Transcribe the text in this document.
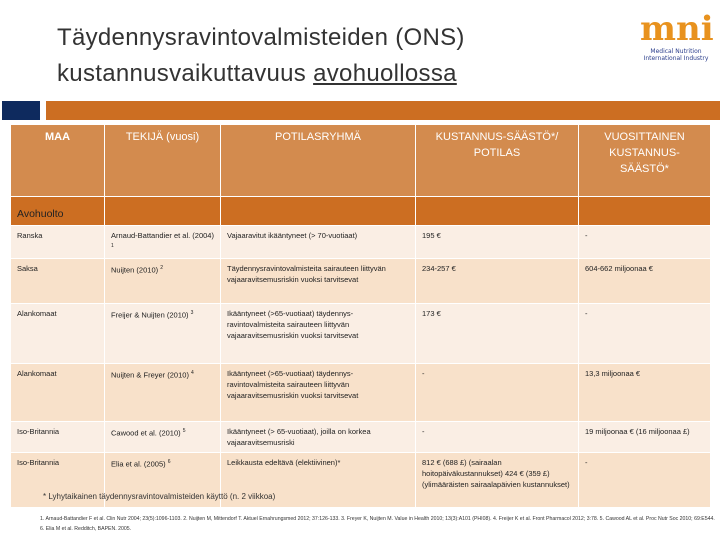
Täydennysravintovalmisteiden (ONS)
kustannusvaikuttavuus avohuollossa
mni
Medical Nutrition
International Industry
MAA	TEKIJÄ (vuosi)	POTILASRYHMÄ	KUSTANNUS-SÄÄSTÖ*/ POTILAS	VUOSITTAINEN KUSTANNUS-SÄÄSTÖ*
Avohuolto				
Ranska	Arnaud-Battandier et al. (2004) $^1$	Vajaaravitut ikääntyneet (> 70-vuotiaat)	195 €	-
Saksa	Nuijten (2010) $^2$	Täydennysravintovalmisteita sairauteen liittyvän vajaaravitsemusriskin vuoksi tarvitsevat	234-257 €	604-662 miljoonaa €
Alankomaat	Freijer & Nuijten (2010) $^3$	Ikääntyneet (>65-vuotiaat) täydennys-ravintovalmisteita sairauteen liittyvän vajaaravitsemusriskin vuoksi tarvitsevat	173 €	-
Alankomaat	Nuijten & Freyer (2010) $^4$	Ikääntyneet (>65-vuotiaat) täydennys-ravintovalmisteita sairauteen liittyvän vajaaravitsemusriskin vuoksi tarvitsevat	-	13,3 miljoonaa €
Iso-Britannia	Cawood et al. (2010) $^5$	Ikääntyneet (> 65-vuotiaat), joilla on korkea vajaaravitsemusriski	-	19 miljoonaa € (16 miljoonaa £)
Iso-Britannia	Elia et al. (2005) $^6$	Leikkausta edeltävä (elektiivinen)*	812 € (688 £) (sairaalan hoitopäiväkustannukset) 424 € (359 £) (ylimääräisten sairaalapäivien kustannukset)	-
* Lyhytaikainen täydennysravintovalmisteiden käyttö (n. 2 viikkoa)
1. Arnaud-Battandier F et al. Clin Nutr 2004; 23(5):1096-1103. 2. Nuijten M, Mittendorf T. Aktuel Ernahrungsmed 2012; 37:126-133. 3. Freyer K, Nuijten M. Value in Health 2010; 13(3):A101 (PHI08). 4. Freijer K et al. Front Pharmacol 2012; 3:78. 5. Cawood AL et al. Proc Nutr Soc 2010; 69:E544. 6. Elia M et al. Redditch, BAPEN. 2005.
